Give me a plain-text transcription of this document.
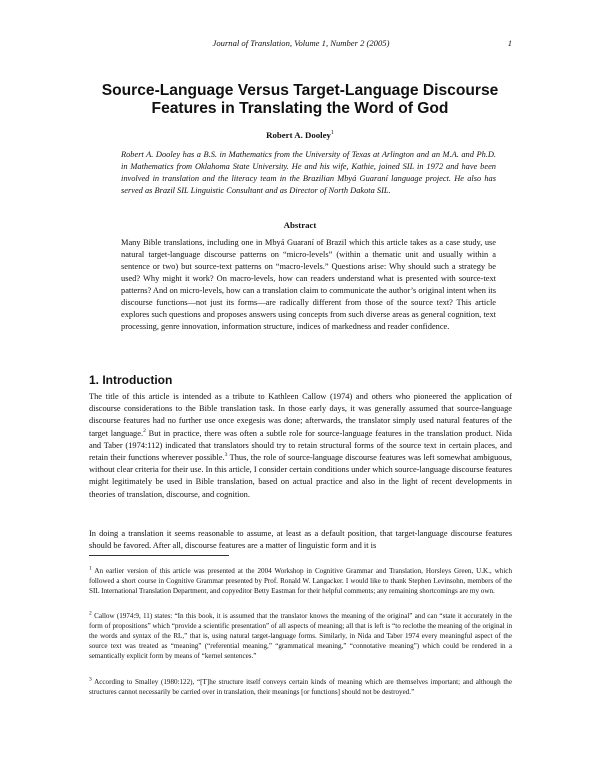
Journal of Translation, Volume 1, Number 2 (2005)	1
Source-Language Versus Target-Language Discourse
Features in Translating the Word of God
Robert A. Dooley$^1$

Robert A. Dooley has a B.S. in Mathematics from the University of Texas at Arlington and an M.A. and Ph.D. in Mathematics from Oklahoma State University. He and his wife, Kathie, joined SIL in 1972 and have been involved in translation and the literacy team in the Brazilian Mbyá Guaraní language project. He also has served as Brazil SIL Linguistic Consultant and as Director of North Dakota SIL.

Abstract

Many Bible translations, including one in Mbyá Guaraní of Brazil which this article takes as a case study, use natural target-language discourse patterns on “micro-levels” (within a thematic unit and usually within a sentence or two) but source-text patterns on “macro-levels.” Questions arise: Why should such a strategy be used? Why might it work? On macro-levels, how can readers understand what is presented with source-text patterns? And on micro-levels, how can a translation claim to communicate the author’s original intent when its discourse functions—not just its forms—are radically different from those of the source text? This article explores such questions and proposes answers using concepts from such diverse areas as general cognition, text processing, genre innovation, information structure, indices of markedness and reader confidence.

1. Introduction

The title of this article is intended as a tribute to Kathleen Callow (1974) and others who pioneered the application of discourse considerations to the Bible translation task. In those early days, it was generally assumed that source-language discourse features had no further use once exegesis was done; afterwards, the translator simply used natural features of the target language.$^2$ But in practice, there was often a subtle role for source-language features in the translation product. Nida and Taber (1974:112) indicated that translators should try to retain structural forms of the source text in certain places, and retain their functions wherever possible.$^3$ Thus, the role of source-language discourse features was left somewhat ambiguous, without clear criteria for their use. In this article, I consider certain conditions under which source-language discourse features might legitimately be used in Bible translation, based on actual practice and also in the light of recent developments in theories of translation, discourse, and cognition.

In doing a translation it seems reasonable to assume, at least as a default position, that target-language discourse features should be favored. After all, discourse features are a matter of linguistic form and it is

$^1$ An earlier version of this article was presented at the 2004 Workshop in Cognitive Grammar and Translation, Horsleys Green, U.K., which followed a short course in Cognitive Grammar presented by Prof. Ronald W. Langacker. I would like to thank Stephen Levinsohn, members of the SIL International Translation Department, and copyeditor Betty Eastman for their helpful comments; any remaining shortcomings are my own.

$^2$ Callow (1974:9, 11) states: “In this book, it is assumed that the translator knows the meaning of the original” and can “state it accurately in the form of propositions” which “provide a scientific presentation” of all aspects of meaning; all that is left is “to reclothe the meaning of the original in the words and syntax of the RL,” that is, using natural target-language forms. Similarly, in Nida and Taber 1974 every meaningful aspect of the source text was treated as “meaning” (“referential meaning,” “grammatical meaning,” “connotative meaning”) which could be rendered in a semantically explicit form by means of “kernel sentences.”

$^3$ According to Smalley (1980:122), “[T]he structure itself conveys certain kinds of meaning which are themselves important; and although the structures cannot necessarily be carried over in translation, their meanings [or functions] should not be destroyed.”
